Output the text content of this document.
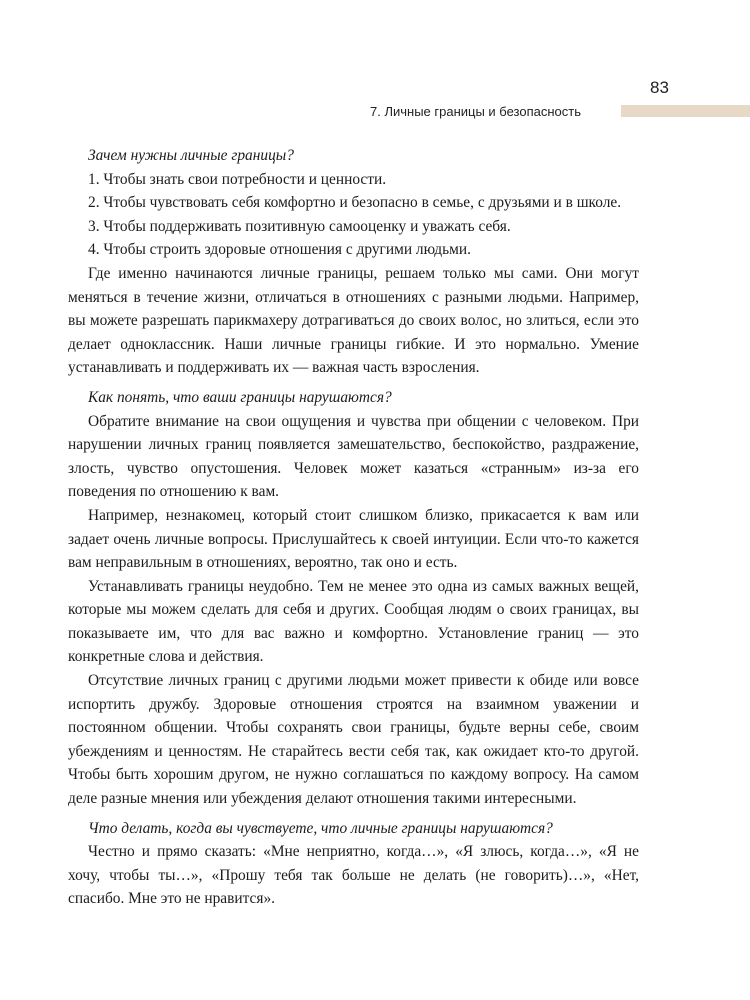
83
7. Личные границы и безопасность

Зачем нужны личные границы?

1. Чтобы знать свои потребности и ценности.

2. Чтобы чувствовать себя комфортно и безопасно в семье, с друзьями и в школе.

3. Чтобы поддерживать позитивную самооценку и уважать себя.

4. Чтобы строить здоровые отношения с другими людьми.

Где именно начинаются личные границы, решаем только мы сами. Они могут меняться в течение жизни, отличаться в отношениях с разными людьми. Например, вы можете разрешать парикмахеру дотрагиваться до своих волос, но злиться, если это делает одноклассник. Наши личные границы гибкие. И это нормально. Умение устанавливать и поддерживать их — важная часть взросления.

Как понять, что ваши границы нарушаются?

Обратите внимание на свои ощущения и чувства при общении с человеком. При нарушении личных границ появляется замешательство, беспокойство, раздражение, злость, чувство опустошения. Человек может казаться «странным» из-за его поведения по отношению к вам.

Например, незнакомец, который стоит слишком близко, прикасается к вам или задает очень личные вопросы. Прислушайтесь к своей интуиции. Если что-то кажется вам неправильным в отношениях, вероятно, так оно и есть.

Устанавливать границы неудобно. Тем не менее это одна из самых важных вещей, которые мы можем сделать для себя и других. Сообщая людям о своих границах, вы показываете им, что для вас важно и комфортно. Установление границ — это конкретные слова и действия.

Отсутствие личных границ с другими людьми может привести к обиде или вовсе испортить дружбу. Здоровые отношения строятся на взаимном уважении и постоянном общении. Чтобы сохранять свои границы, будьте верны себе, своим убеждениям и ценностям. Не старайтесь вести себя так, как ожидает кто-то другой. Чтобы быть хорошим другом, не нужно соглашаться по каждому вопросу. На самом деле разные мнения или убеждения делают отношения такими интересными.

Что делать, когда вы чувствуете, что личные границы нарушаются?

Честно и прямо сказать: «Мне неприятно, когда…», «Я злюсь, когда…», «Я не хочу, чтобы ты…», «Прошу тебя так больше не делать (не говорить)…», «Нет, спасибо. Мне это не нравится».
